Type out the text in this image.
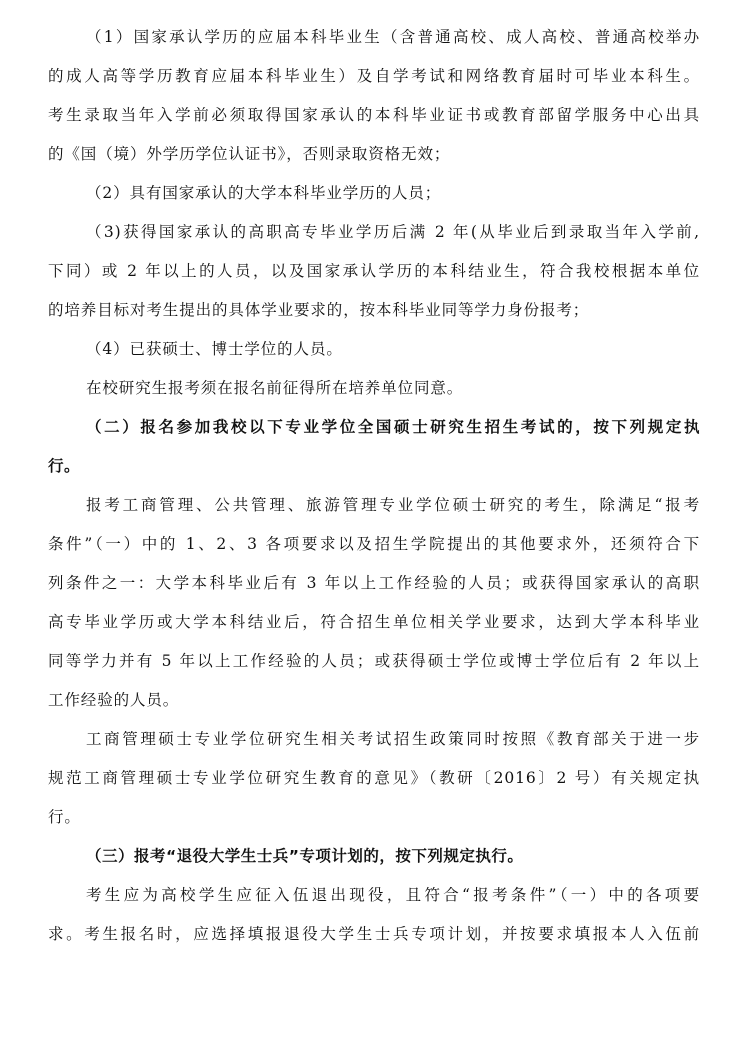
（1）国家承认学历的应届本科毕业生（含普通高校、成人高校、普通高校举办
的成人高等学历教育应届本科毕业生）及自学考试和网络教育届时可毕业本科生。
考生录取当年入学前必须取得国家承认的本科毕业证书或教育部留学服务中心出具
的《国（境）外学历学位认证书》，否则录取资格无效；
（2）具有国家承认的大学本科毕业学历的人员；
（3)获得国家承认的高职高专毕业学历后满 2 年(从毕业后到录取当年入学前,
下同）或 2 年以上的人员，以及国家承认学历的本科结业生，符合我校根据本单位
的培养目标对考生提出的具体学业要求的，按本科毕业同等学力身份报考；
（4）已获硕士、博士学位的人员。
在校研究生报考须在报名前征得所在培养单位同意。
（二）报名参加我校以下专业学位全国硕士研究生招生考试的，按下列规定执
行。
报考工商管理、公共管理、旅游管理专业学位硕士研究的考生，除满足“报考
条件”（一）中的 1、2、3 各项要求以及招生学院提出的其他要求外，还须符合下
列条件之一：大学本科毕业后有 3 年以上工作经验的人员；或获得国家承认的高职
高专毕业学历或大学本科结业后，符合招生单位相关学业要求，达到大学本科毕业
同等学力并有 5 年以上工作经验的人员；或获得硕士学位或博士学位后有 2 年以上
工作经验的人员。
工商管理硕士专业学位研究生相关考试招生政策同时按照《教育部关于进一步
规范工商管理硕士专业学位研究生教育的意见》（教研〔2016〕2 号）有关规定执
行。
（三）报考“退役大学生士兵”专项计划的，按下列规定执行。
考生应为高校学生应征入伍退出现役，且符合“报考条件”（一）中的各项要
求。考生报名时，应选择填报退役大学生士兵专项计划，并按要求填报本人入伍前
